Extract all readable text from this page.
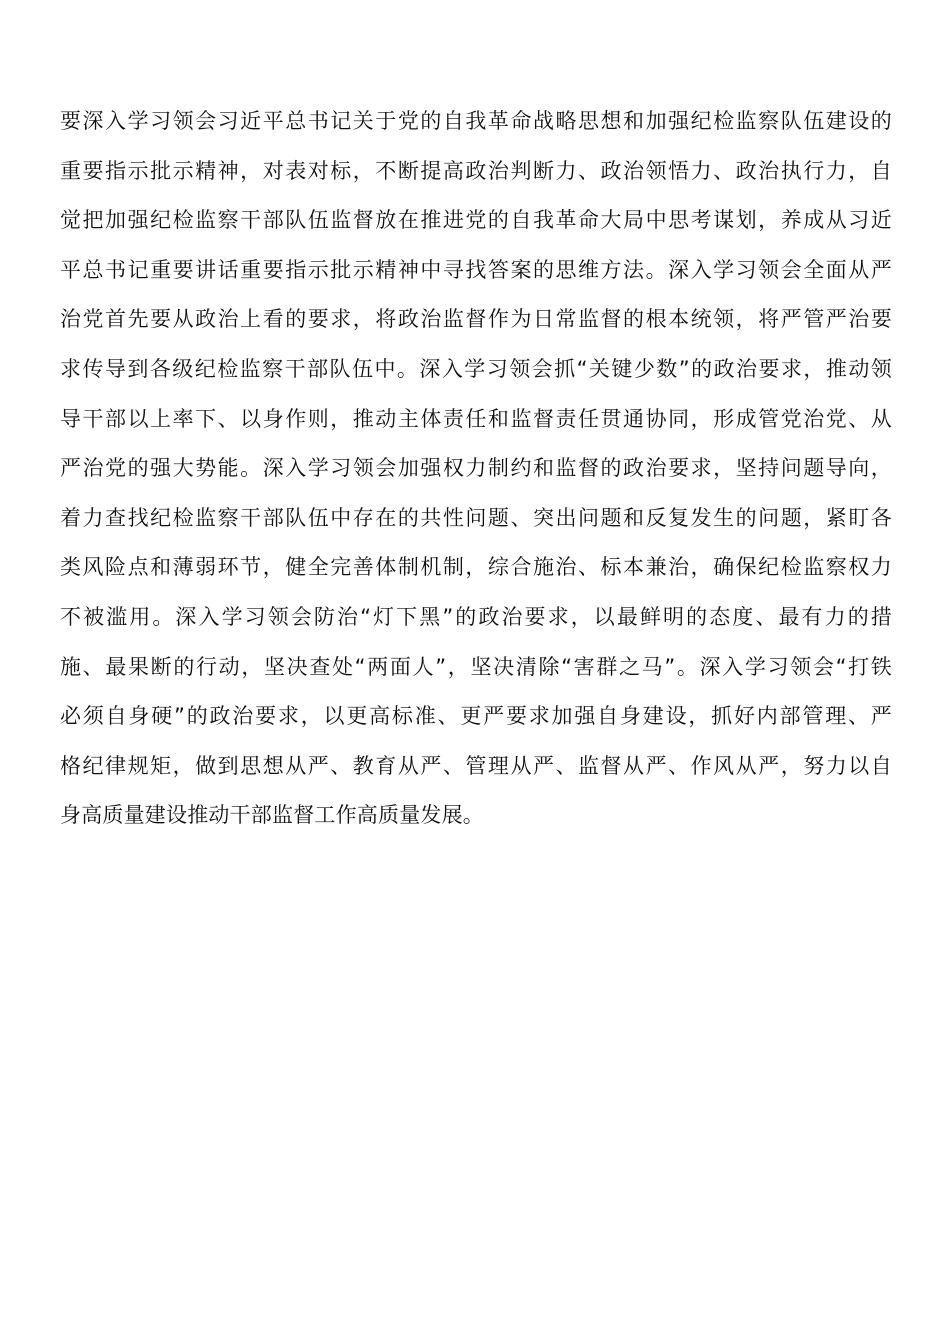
要深入学习领会习近平总书记关于党的自我革命战略思想和加强纪检监察队伍建设的
重要指示批示精神，对表对标，不断提高政治判断力、政治领悟力、政治执行力，自
觉把加强纪检监察干部队伍监督放在推进党的自我革命大局中思考谋划，养成从习近
平总书记重要讲话重要指示批示精神中寻找答案的思维方法。深入学习领会全面从严
治党首先要从政治上看的要求，将政治监督作为日常监督的根本统领，将严管严治要
求传导到各级纪检监察干部队伍中。深入学习领会抓“关键少数”的政治要求，推动领
导干部以上率下、以身作则，推动主体责任和监督责任贯通协同，形成管党治党、从
严治党的强大势能。深入学习领会加强权力制约和监督的政治要求，坚持问题导向，
着力查找纪检监察干部队伍中存在的共性问题、突出问题和反复发生的问题，紧盯各
类风险点和薄弱环节，健全完善体制机制，综合施治、标本兼治，确保纪检监察权力
不被滥用。深入学习领会防治“灯下黑”的政治要求，以最鲜明的态度、最有力的措
施、最果断的行动，坚决查处“两面人”，坚决清除“害群之马”。深入学习领会“打铁
必须自身硬”的政治要求，以更高标准、更严要求加强自身建设，抓好内部管理、严
格纪律规矩，做到思想从严、教育从严、管理从严、监督从严、作风从严，努力以自
身高质量建设推动干部监督工作高质量发展。
